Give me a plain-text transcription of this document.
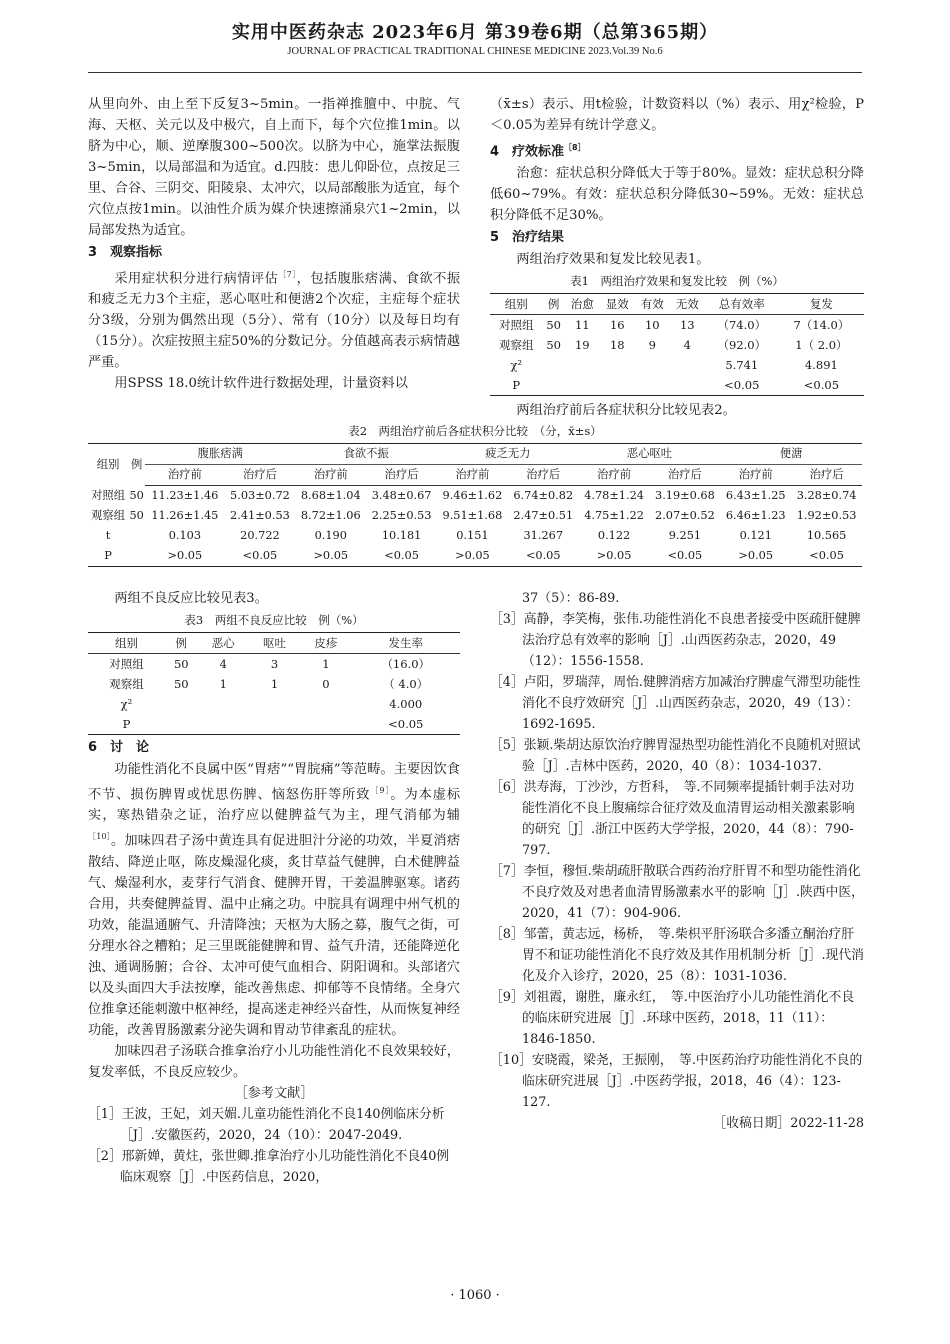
实用中医药杂志 2023年6月 第39卷6期（总第365期）
JOURNAL OF PRACTICAL TRADITIONAL CHINESE MEDICINE 2023.Vol.39 No.6

从里向外、由上至下反复3~5min。一指禅推膻中、中脘、气海、天枢、关元以及中极穴，自上而下，每个穴位推1min。以脐为中心，顺、逆摩腹300~500次。以脐为中心，施掌法振腹3~5min，以局部温和为适宜。d.四肢：患儿仰卧位，点按足三里、合谷、三阴交、阳陵泉、太冲穴，以局部酸胀为适宜，每个穴位点按1min。以油性介质为媒介快速擦涌泉穴1~2min，以局部发热为适宜。

3　观察指标

采用症状积分进行病情评估$^{[7]}$，包括腹胀痞满、食欲不振和疲乏无力3个主症，恶心呕吐和便溏2个次症，主症每个症状分3级，分别为偶然出现（5分）、常有（10分）以及每日均有（15分）。次症按照主症50%的分数记分。分值越高表示病情越严重。

用SPSS 18.0统计软件进行数据处理，计量资料以

（x̄±s）表示、用t检验，计数资料以（%）表示、用χ²检验，P＜0.05为差异有统计学意义。

4　疗效标准$^{[8]}$

治愈：症状总积分降低大于等于80%。显效：症状总积分降低60~79%。有效：症状总积分降低30~59%。无效：症状总积分降低不足30%。

5　治疗结果

两组治疗效果和复发比较见表1。

表1　两组治疗效果和复发比较　例（%）
组别	例	治愈	显效	有效	无效	总有效率	复发
对照组	50	11	16	10	13	（74.0）	7（14.0）
观察组	50	19	18	9	4	（92.0）	1（ 2.0）
χ²						5.741	4.891
P						<0.05	<0.05

两组治疗前后各症状积分比较见表2。

表2　两组治疗前后各症状积分比较　（分，x̄±s）
组别	例	腹胀痞满		食欲不振		疲乏无力		恶心呕吐		便溏	
		治疗前	治疗后	治疗前	治疗后	治疗前	治疗后	治疗前	治疗后	治疗前	治疗后
对照组	50	11.23±1.46	5.03±0.72	8.68±1.04	3.48±0.67	9.46±1.62	6.74±0.82	4.78±1.24	3.19±0.68	6.43±1.25	3.28±0.74
观察组	50	11.26±1.45	2.41±0.53	8.72±1.06	2.25±0.53	9.51±1.68	2.47±0.51	4.75±1.22	2.07±0.52	6.46±1.23	1.92±0.53
t		0.103	20.722	0.190	10.181	0.151	31.267	0.122	9.251	0.121	10.565
P		>0.05	<0.05	>0.05	<0.05	>0.05	<0.05	>0.05	<0.05	>0.05	<0.05

两组不良反应比较见表3。

表3　两组不良反应比较　例（%）
组别	例	恶心	呕吐	皮疹	发生率
对照组	50	4	3	1	（16.0）
观察组	50	1	1	0	（ 4.0）
χ²					4.000
P					<0.05
6　讨　论

功能性消化不良属中医“胃痞”“胃脘痛”等范畴。主要因饮食不节、损伤脾胃或忧思伤脾、恼怒伤肝等所致$^{[9]}$。为本虚标实，寒热错杂之证，治疗应以健脾益气为主，理气消郁为辅$^{[10]}$。加味四君子汤中黄连具有促进胆汁分泌的功效，半夏消痞散结、降逆止呕，陈皮燥湿化痰，炙甘草益气健脾，白术健脾益气、燥湿利水，麦芽行气消食、健脾开胃，干姜温脾驱寒。诸药合用，共奏健脾益胃、温中止痛之功。中脘具有调理中州气机的功效，能温通腑气、升清降浊；天枢为大肠之募，腹气之街，可分理水谷之糟粕；足三里既能健脾和胃、益气升清，还能降逆化浊、通调肠腑；合谷、太冲可使气血相合、阴阳调和。头部诸穴以及头面四大手法按摩，能改善焦虑、抑郁等不良情绪。全身穴位推拿还能刺激中枢神经，提高迷走神经兴奋性，从而恢复神经功能，改善胃肠激素分泌失调和胃动节律紊乱的症状。

加味四君子汤联合推拿治疗小儿功能性消化不良效果较好，复发率低，不良反应较少。

［参考文献］
［1］王波，王妃，刘天媚.儿童功能性消化不良140例临床分析［J］.安徽医药，2020，24（10）：2047-2049.
［2］邢新婵，黄炷，张世卿.推拿治疗小儿功能性消化不良40例临床观察［J］.中医药信息，2020，
37（5）：86-89.
［3］高静，李笑梅，张伟.功能性消化不良患者接受中医疏肝健脾法治疗总有效率的影响［J］.山西医药杂志，2020，49（12）：1556-1558.
［4］卢阳，罗瑞萍，周怡.健脾消痞方加减治疗脾虚气滞型功能性消化不良疗效研究［J］.山西医药杂志，2020，49（13）：1692-1695.
［5］张颖.柴胡达原饮治疗脾胃湿热型功能性消化不良随机对照试验［J］.吉林中医药，2020，40（8）：1034-1037.
［6］洪寿海，丁沙沙，方哲科，　等.不同频率提插针刺手法对功能性消化不良上腹痛综合征疗效及血清胃运动相关激素影响的研究［J］.浙江中医药大学学报，2020，44（8）：790-797.
［7］李恒，穆恒.柴胡疏肝散联合西药治疗肝胃不和型功能性消化不良疗效及对患者血清胃肠激素水平的影响［J］.陕西中医，2020，41（7）：904-906.
［8］邹蕾，黄志远，杨桥，　等.柴枳平肝汤联合多潘立酮治疗肝胃不和证功能性消化不良疗效及其作用机制分析［J］.现代消化及介入诊疗，2020，25（8）：1031-1036.
［9］刘祖霞，谢胜，廉永红，　等.中医治疗小儿功能性消化不良的临床研究进展［J］.环球中医药，2018，11（11）：1846-1850.
［10］安晓霞，梁尧，王振刚，　等.中医药治疗功能性消化不良的临床研究进展［J］.中医药学报，2018，46（4）：123-127.
［收稿日期］2022-11-28
· 1060 ·
